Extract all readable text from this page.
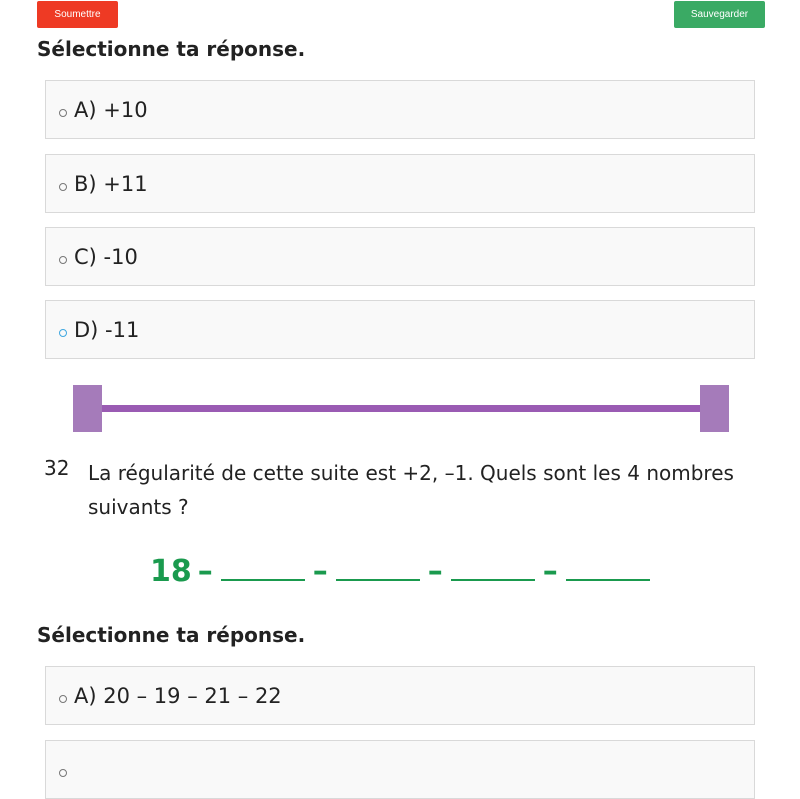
Soumettre	Sauvegarder
Sélectionne ta réponse.
A) +10
B) +11
C) -10
D) -11
32 La régularité de cette suite est +2, –1. Quels sont les 4 nombres suivants ?
18 –	–	–	–
Sélectionne ta réponse.
A) 20 – 19 – 21 – 22
